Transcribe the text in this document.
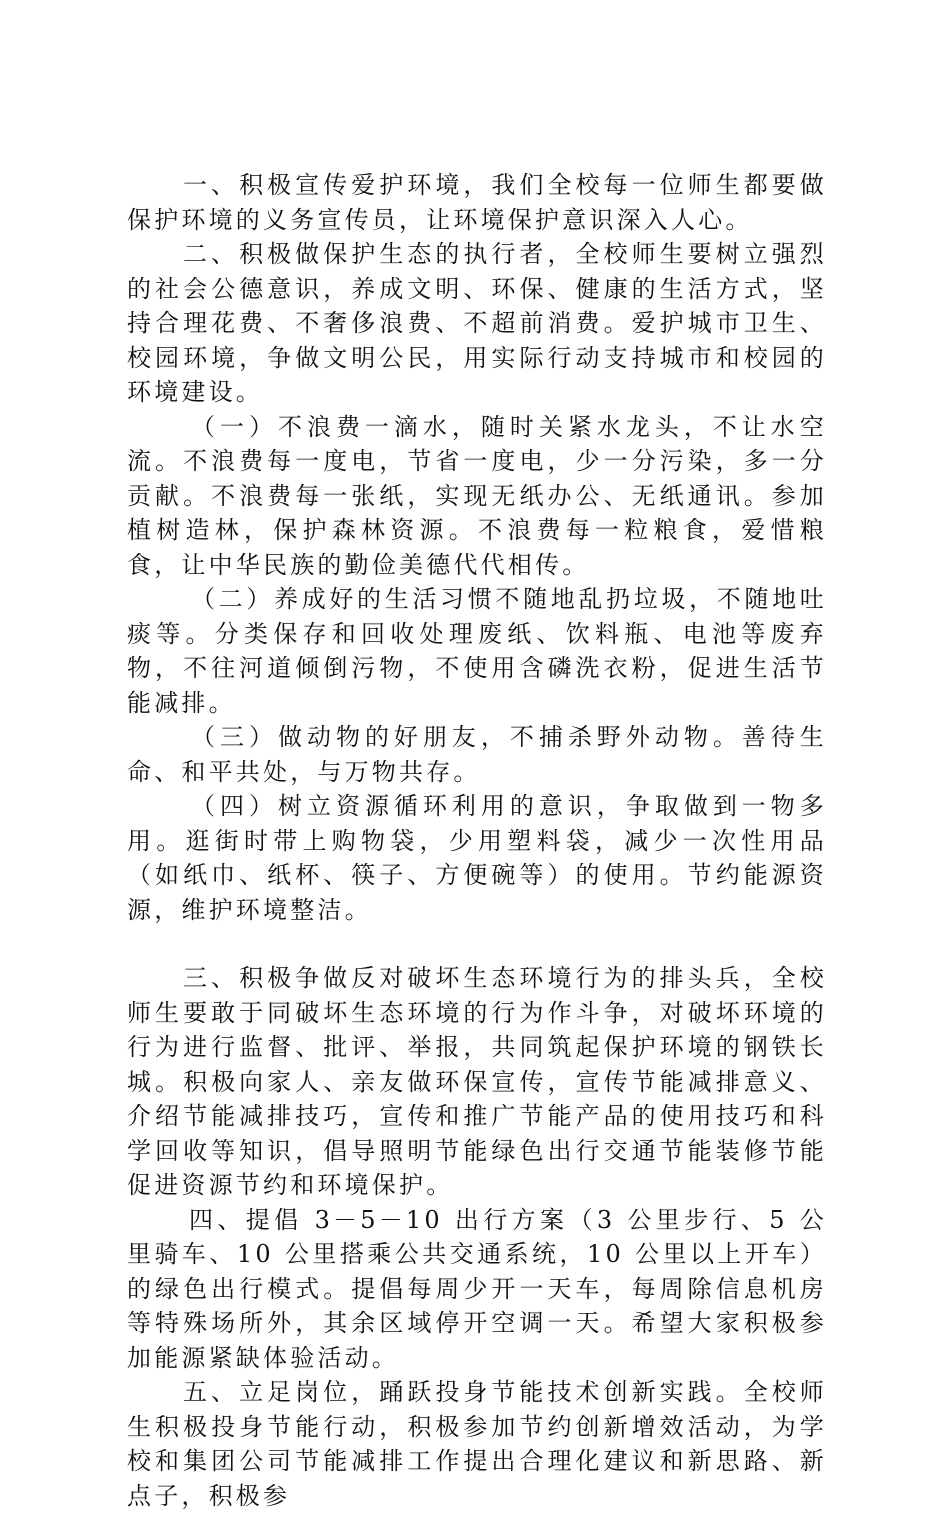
一、积极宣传爱护环境，我们全校每一位师生都要做保护环境的义务宣传员，让环境保护意识深入人心。

二、积极做保护生态的执行者，全校师生要树立强烈的社会公德意识，养成文明、环保、健康的生活方式，坚持合理花费、不奢侈浪费、不超前消费。爱护城市卫生、校园环境，争做文明公民，用实际行动支持城市和校园的环境建设。

（一）不浪费一滴水，随时关紧水龙头，不让水空流。不浪费每一度电，节省一度电，少一分污染，多一分贡献。不浪费每一张纸，实现无纸办公、无纸通讯。参加植树造林，保护森林资源。不浪费每一粒粮食，爱惜粮食，让中华民族的勤俭美德代代相传。

（二）养成好的生活习惯不随地乱扔垃圾，不随地吐痰等。分类保存和回收处理废纸、饮料瓶、电池等废弃物，不往河道倾倒污物，不使用含磷洗衣粉，促进生活节能减排。

（三）做动物的好朋友，不捕杀野外动物。善待生命、和平共处，与万物共存。

（四）树立资源循环利用的意识，争取做到一物多用。逛街时带上购物袋，少用塑料袋，减少一次性用品（如纸巾、纸杯、筷子、方便碗等）的使用。节约能源资源，维护环境整洁。

三、积极争做反对破坏生态环境行为的排头兵，全校师生要敢于同破坏生态环境的行为作斗争，对破坏环境的行为进行监督、批评、举报，共同筑起保护环境的钢铁长城。积极向家人、亲友做环保宣传，宣传节能减排意义、介绍节能减排技巧，宣传和推广节能产品的使用技巧和科学回收等知识，倡导照明节能绿色出行交通节能装修节能促进资源节约和环境保护。

四、提倡 3－5－10 出行方案（3 公里步行、5 公里骑车、10 公里搭乘公共交通系统，10 公里以上开车）的绿色出行模式。提倡每周少开一天车，每周除信息机房等特殊场所外，其余区域停开空调一天。希望大家积极参加能源紧缺体验活动。

五、立足岗位，踊跃投身节能技术创新实践。全校师生积极投身节能行动，积极参加节约创新增效活动，为学校和集团公司节能减排工作提出合理化建议和新思路、新点子，积极参
